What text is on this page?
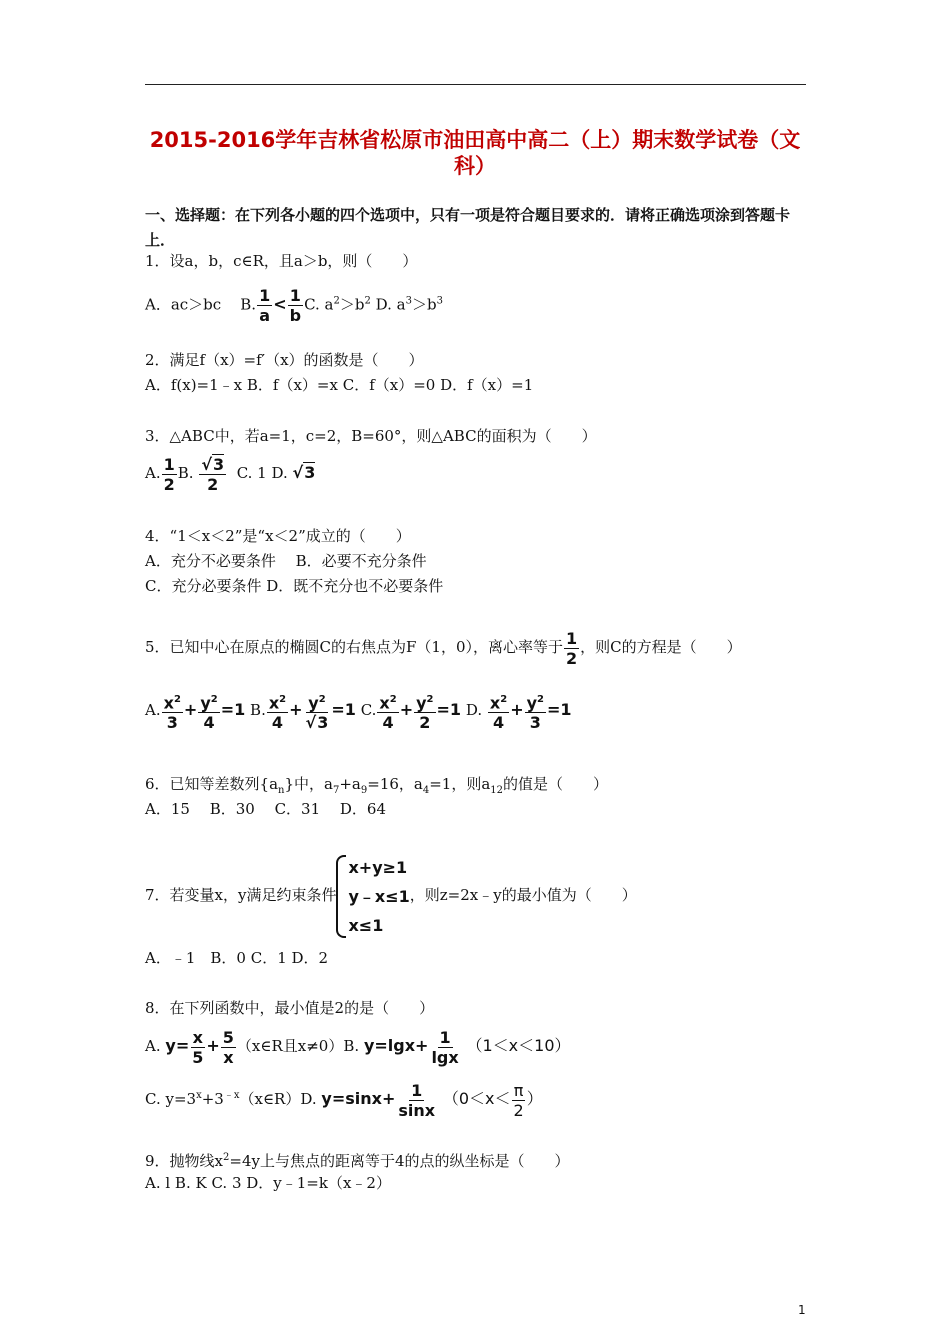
2015-2016学年吉林省松原市油田高中高二（上）期末数学试卷（文科）
一、选择题：在下列各小题的四个选项中，只有一项是符合题目要求的．请将正确选项涂到答题卡上．
1．设a，b，c∈R，且a＞b，则（　　）
A．ac＞bc B. $\frac{1}{a} < \frac{1}{b} C$. $a^2>b^2$ D. $a^3>b^3$
2．满足f（x）=f′（x）的函数是（　　）
A．f(x)=1﹣x B．f（x）=x C．f（x）=0 D．f（x）=1
3．△ABC中，若a=1，c=2，B=60°，则△ABC的面积为（　　）
A. $\frac{1}{2} B$. $\frac{√3}{2} C$. 1 D. √3
4．“1＜x＜2”是“x＜2”成立的（　　）
A．充分不必要条件　 B．必要不充分条件
C．充分必要条件 D．既不充分也不必要条件
5．已知中心在原点的椭圆C的右焦点为F（1，0），离心率等于 $\frac{1}{2}$ ，则C的方程是（　　）
A. $\frac{x^2}{3} + \frac{y^2}{4} =1$ B. $\frac{x^2}{4} + \frac{y^2}{√3} =1$ C. $\frac{x^2}{4} + \frac{y^2}{2} =1$ D. $\frac{x^2}{4} + \frac{y^2}{3} =1$
6．已知等差数列$\{a_n\}$中，$a_7+a_9=16$，$a_4=1$，则$a_{12}$的值是（　　）
A．15　 B．30　 C．31　 D．64
7．若变量x，y满足约束条件
x+y≥1
y﹣x≤1
x≤1
，则z=2x﹣y的最小值为（　　）
A．﹣1　B．0 C．1 D．2
8．在下列函数中，最小值是2的是（　　）
A. $y= \frac{x}{5} + \frac{5}{x}$ （x∈R且x≠0）B. $y=\lg x+ \frac{1}{\lg x} (1<x<10)$
C. $y=3^x+3^{﹣x}(x\in R)D$. $y=\sin x+ \frac{1}{\sin x} (0<x< \frac{\pi}{2}$ ）
9．抛物线$x^2=4y$上与焦点的距离等于4的点的纵坐标是（　　）
A. l B. K C. 3 D．y﹣1=k（x﹣2）
1
